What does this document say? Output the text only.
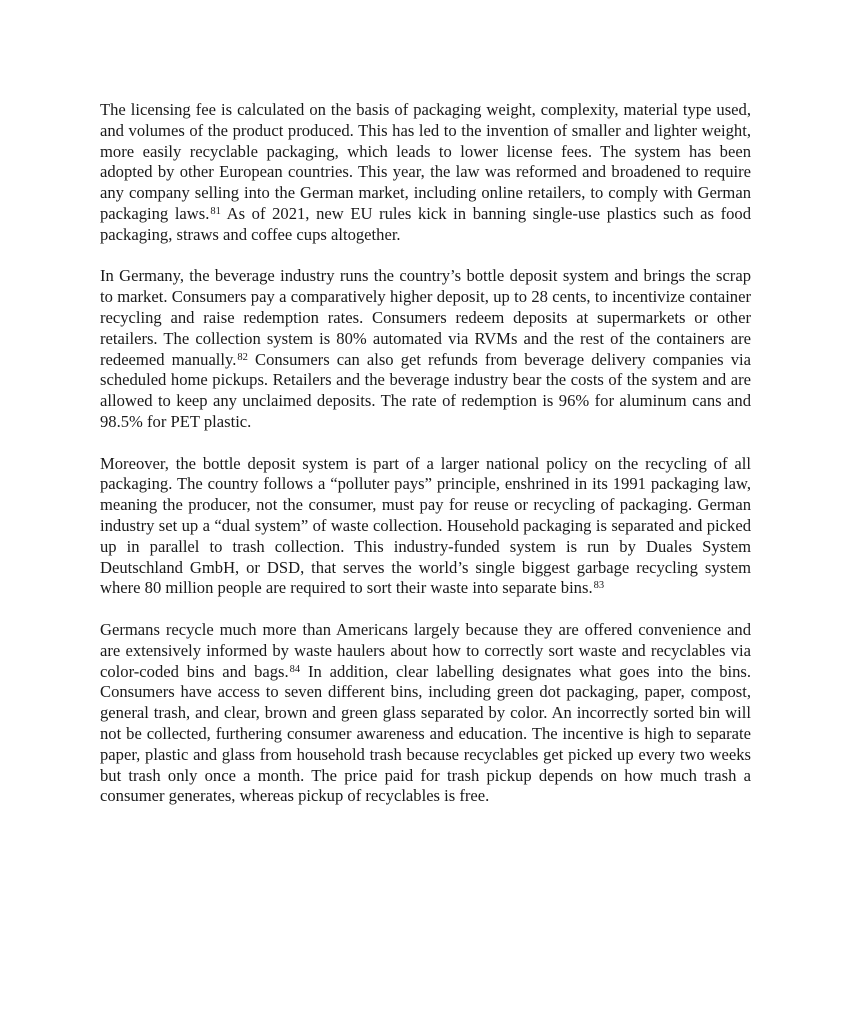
The licensing fee is calculated on the basis of packaging weight, complexity, material type used, and volumes of the product produced. This has led to the invention of smaller and lighter weight, more easily recyclable packaging, which leads to lower license fees. The system has been adopted by other European countries. This year, the law was reformed and broadened to require any company selling into the German market, including online retailers, to comply with German packaging laws.$^{81}$ As of 2021, new EU rules kick in banning single-use plastics such as food packaging, straws and coffee cups altogether.

In Germany, the beverage industry runs the country’s bottle deposit system and brings the scrap to market. Consumers pay a comparatively higher deposit, up to 28 cents, to incentivize container recycling and raise redemption rates. Consumers redeem deposits at supermarkets or other retailers. The collection system is 80% automated via RVMs and the rest of the containers are redeemed manually.$^{82}$ Consumers can also get refunds from beverage delivery companies via scheduled home pickups. Retailers and the beverage industry bear the costs of the system and are allowed to keep any unclaimed deposits. The rate of redemption is 96% for aluminum cans and 98.5% for PET plastic.

Moreover, the bottle deposit system is part of a larger national policy on the recycling of all packaging. The country follows a “polluter pays” principle, enshrined in its 1991 packaging law, meaning the producer, not the consumer, must pay for reuse or recycling of packaging. German industry set up a “dual system” of waste collection. Household packaging is separated and picked up in parallel to trash collection. This industry-funded system is run by Duales System Deutschland GmbH, or DSD, that serves the world’s single biggest garbage recycling system where 80 million people are required to sort their waste into separate bins.$^{83}$

Germans recycle much more than Americans largely because they are offered convenience and are extensively informed by waste haulers about how to correctly sort waste and recyclables via color-coded bins and bags.$^{84}$ In addition, clear labelling designates what goes into the bins. Consumers have access to seven different bins, including green dot packaging, paper, compost, general trash, and clear, brown and green glass separated by color. An incorrectly sorted bin will not be collected, furthering consumer awareness and education. The incentive is high to separate paper, plastic and glass from household trash because recyclables get picked up every two weeks but trash only once a month. The price paid for trash pickup depends on how much trash a consumer generates, whereas pickup of recyclables is free.
